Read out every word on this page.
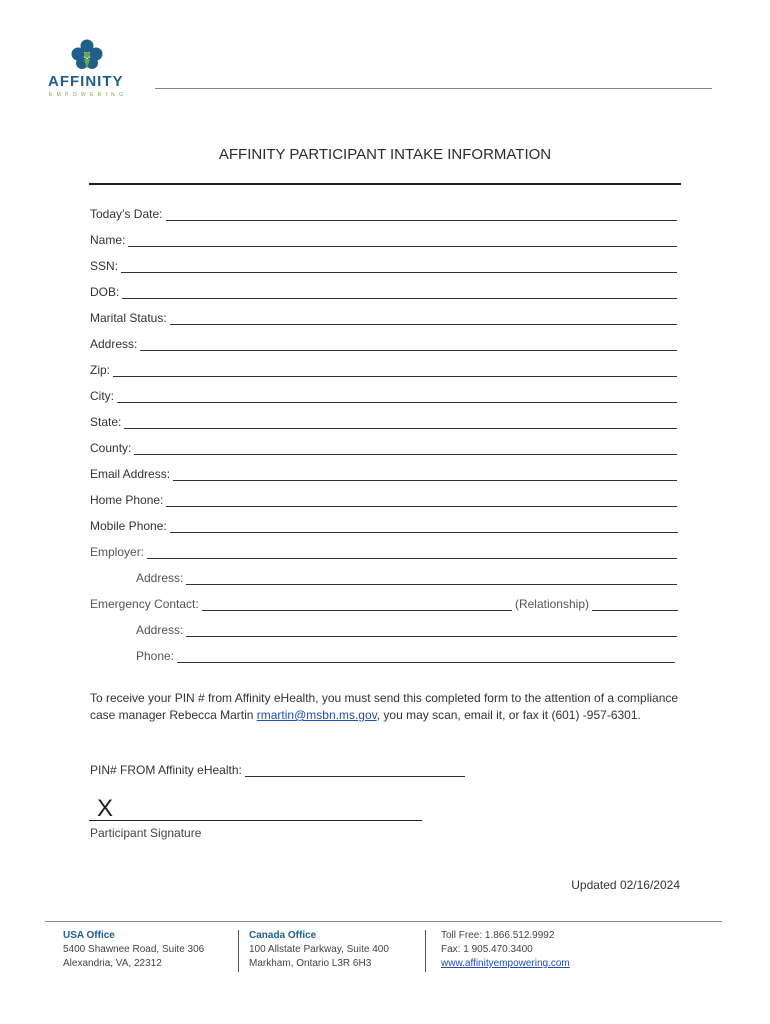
AFFINITY
EMPOWERING
AFFINITY PARTICIPANT INTAKE INFORMATION
Today’s Date:
Name:
SSN:
DOB:
Marital Status:
Address:
Zip:
City:
State:
County:
Email Address:
Home Phone:
Mobile Phone:
Employer:
Address:
Emergency Contact:	(Relationship)
Address:
Phone:
To receive your PIN # from Affinity eHealth, you must send this completed form to the attention of a compliance case manager Rebecca Martin rmartin@msbn.ms.gov, you may scan, email it, or fax it (601) -957-6301.
PIN# FROM Affinity eHealth:
X
Participant Signature
Updated 02/16/2024
USA Office
5400 Shawnee Road, Suite 306
Alexandria, VA, 22312
Canada Office
100 Allstate Parkway, Suite 400
Markham, Ontario L3R 6H3
Toll Free: 1.866.512.9992
Fax: 1 905.470.3400
www.affinityempowering.com
